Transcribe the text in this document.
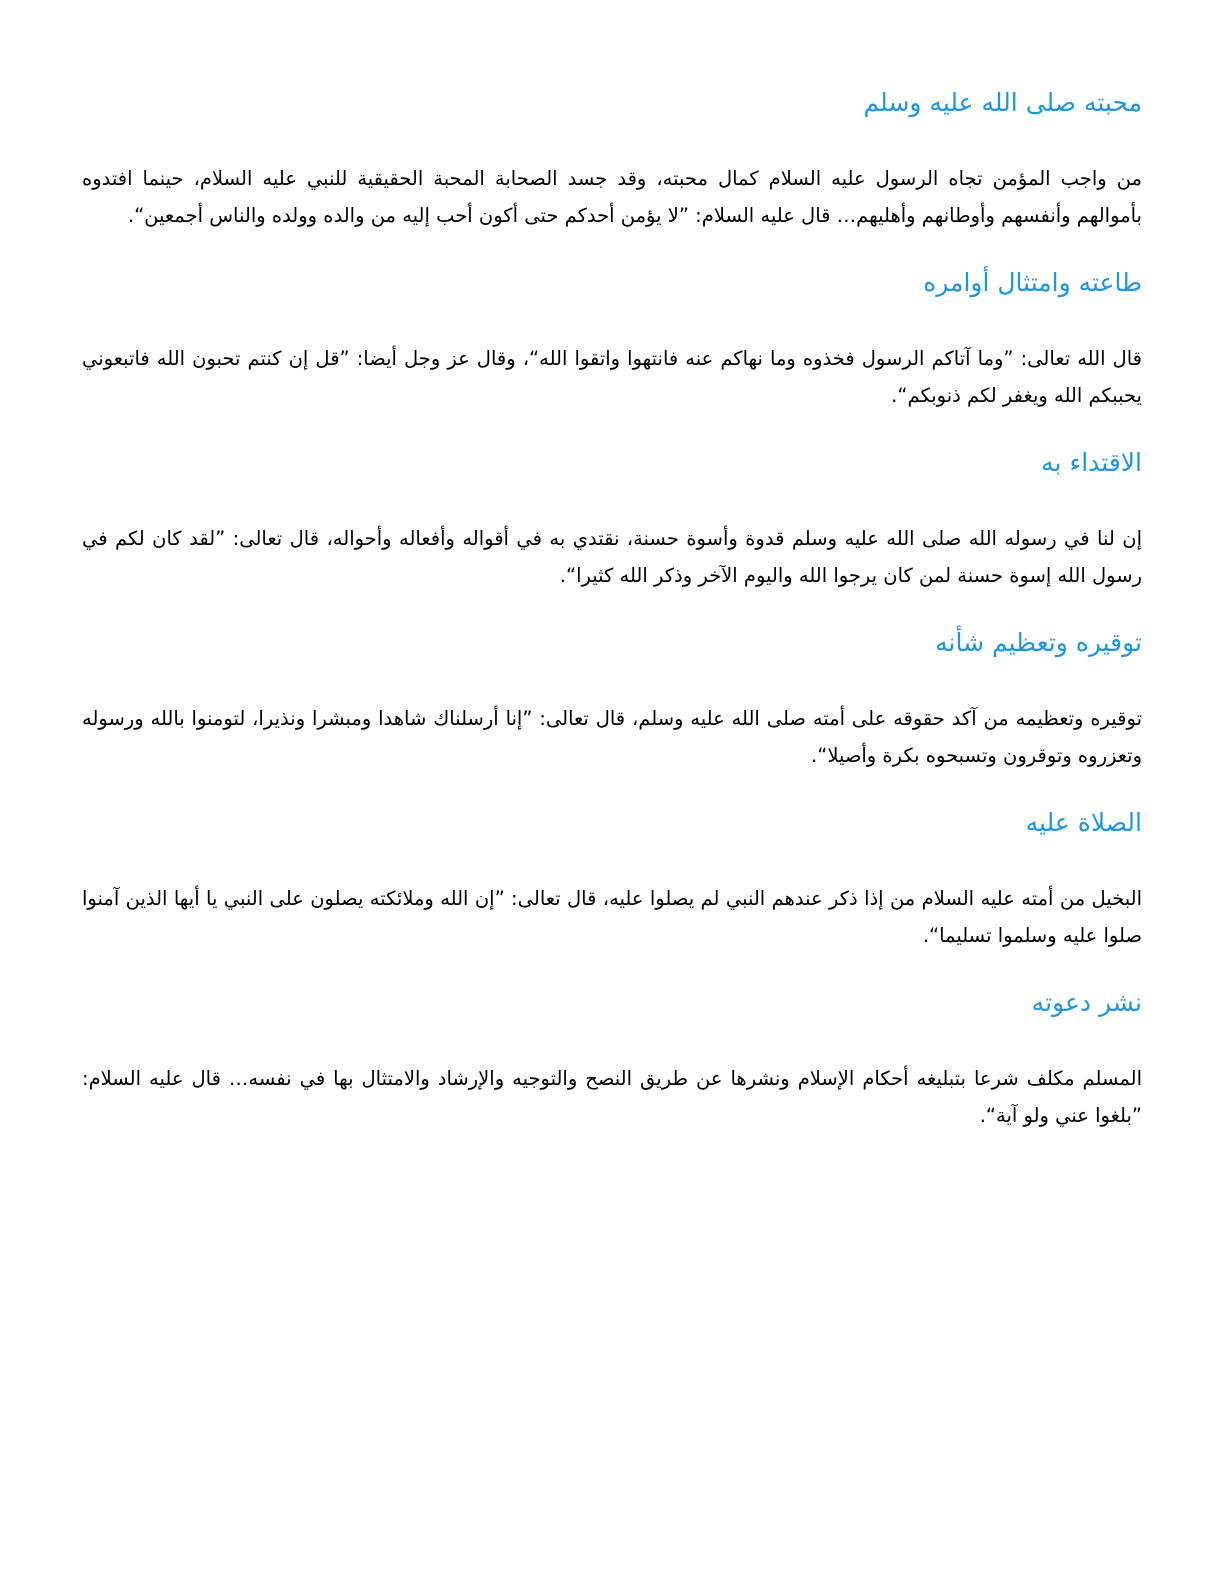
محبته صلى الله عليه وسلم

من واجب المؤمن تجاه الرسول عليه السلام كمال محبته، وقد جسد الصحابة المحبة الحقيقية للنبي عليه السلام، حينما افتدوه بأموالهم وأنفسهم وأوطانهم وأهليهم… قال عليه السلام: ”لا يؤمن أحدكم حتى أكون أحب إليه من والده وولده والناس أجمعين“.

طاعته وامتثال أوامره

قال الله تعالى: ”وما آتاكم الرسول فخذوه وما نهاكم عنه فانتهوا واتقوا الله“، وقال عز وجل أيضا: ”قل إن كنتم تحبون الله فاتبعوني يحببكم الله ويغفر لكم ذنوبكم“.

الاقتداء به

إن لنا في رسوله الله صلى الله عليه وسلم قدوة وأسوة حسنة، نقتدي به في أقواله وأفعاله وأحواله، قال تعالى: ”لقد كان لكم في رسول الله إسوة حسنة لمن كان يرجوا الله واليوم الآخر وذكر الله كثيرا“.

توقيره وتعظيم شأنه

توقيره وتعظيمه من آكد حقوقه على أمته صلى الله عليه وسلم، قال تعالى: ”إنا أرسلناك شاهدا ومبشرا ونذيرا، لتومنوا بالله ورسوله وتعزروه وتوقرون وتسبحوه بكرة وأصيلا“.

الصلاة عليه

البخيل من أمته عليه السلام من إذا ذكر عندهم النبي لم يصلوا عليه، قال تعالى: ”إن الله وملائكته يصلون على النبي يا أيها الذين آمنوا صلوا عليه وسلموا تسليما“.

نشر دعوته

المسلم مكلف شرعا بتبليغه أحكام الإسلام ونشرها عن طريق النصح والتوجيه والإرشاد والامتثال بها في نفسه… قال عليه السلام: ”بلغوا عني ولو آية“.
